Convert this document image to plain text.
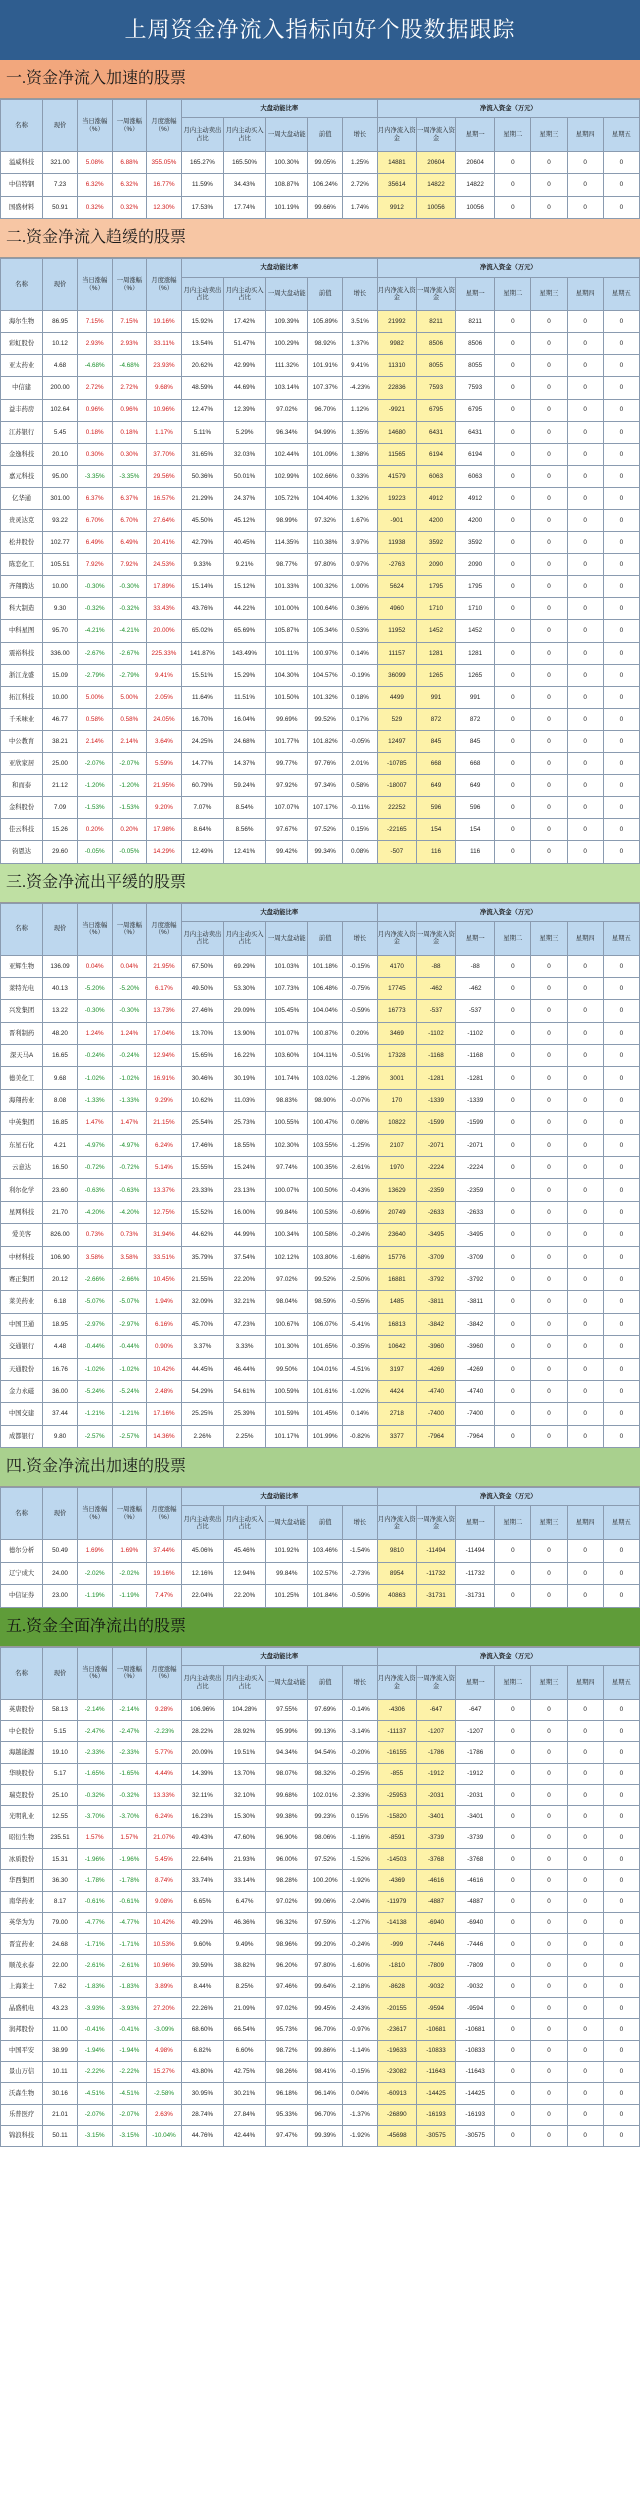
上周资金净流入指标向好个股数据跟踪
一.资金净流入加速的股票
名称	现价	当日涨幅（%）	一周涨幅（%）	月度涨幅（%）	大盘动能比率					净流入资金（万元）						
					月内主动卖出占比	月内主动买入占比	一周大盘动能	前值	增长	月内净流入资金	一周净流入资金	星期一	星期二	星期三	星期四	星期五
溢威科技	321.00	5.08%	6.88%	355.05%	165.27%	165.50%	100.30%	99.05%	1.25%	14881	20604	20604	0	0	0	0
中信特钢	7.23	6.32%	6.32%	16.77%	11.59%	34.43%	108.87%	106.24%	2.72%	35614	14822	14822	0	0	0	0
国盛材料	50.91	0.32%	0.32%	12.30%	17.53%	17.74%	101.19%	99.66%	1.74%	9912	10056	10056	0	0	0	0
二.资金净流入趋缓的股票
名称	现价	当日涨幅（%）	一周涨幅（%）	月度涨幅（%）	大盘动能比率					净流入资金（万元）						
					月内主动卖出占比	月内主动买入占比	一周大盘动能	前值	增长	月内净流入资金	一周净流入资金	星期一	星期二	星期三	星期四	星期五
海尔生物	86.95	7.15%	7.15%	19.16%	15.92%	17.42%	109.39%	105.89%	3.51%	21992	8211	8211	0	0	0	0
彩虹股份	10.12	2.93%	2.93%	33.11%	13.54%	51.47%	100.29%	98.92%	1.37%	9982	8506	8506	0	0	0	0
亚太药业	4.68	-4.68%	-4.68%	23.93%	20.62%	42.99%	111.32%	101.91%	9.41%	11310	8055	8055	0	0	0	0
中信建	200.00	2.72%	2.72%	9.68%	48.59%	44.69%	103.14%	107.37%	-4.23%	22836	7593	7593	0	0	0	0
益丰药房	102.64	0.96%	0.96%	10.96%	12.47%	12.39%	97.02%	96.70%	1.12%	-9921	6795	6795	0	0	0	0
江苏银行	5.45	0.18%	0.18%	1.17%	5.11%	5.29%	96.34%	94.99%	1.35%	14680	6431	6431	0	0	0	0
金逸科技	20.10	0.30%	0.30%	37.70%	31.65%	32.03%	102.44%	101.09%	1.38%	11565	6194	6194	0	0	0	0
嘉元科技	95.00	-3.35%	-3.35%	29.56%	50.36%	50.01%	102.99%	102.66%	0.33%	41579	6063	6063	0	0	0	0
亿华通	301.00	6.37%	6.37%	16.57%	21.29%	24.37%	105.72%	104.40%	1.32%	19223	4912	4912	0	0	0	0
贵灵达克	93.22	6.70%	6.70%	27.64%	45.50%	45.12%	98.99%	97.32%	1.67%	-901	4200	4200	0	0	0	0
松井股份	102.77	6.49%	6.49%	20.41%	42.79%	40.45%	114.35%	110.38%	3.97%	11938	3592	3592	0	0	0	0
陈恋化工	105.51	7.92%	7.92%	24.53%	9.33%	9.21%	98.77%	97.80%	0.97%	-2763	2090	2090	0	0	0	0
齐翔腾达	10.00	-0.30%	-0.30%	17.89%	15.14%	15.12%	101.33%	100.32%	1.00%	5624	1795	1795	0	0	0	0
科大制造	9.30	-0.32%	-0.32%	33.43%	43.76%	44.22%	101.00%	100.64%	0.36%	4960	1710	1710	0	0	0	0
中科星图	95.70	-4.21%	-4.21%	20.00%	65.02%	65.69%	105.87%	105.34%	0.53%	11952	1452	1452	0	0	0	0
震裕科技	336.00	-2.67%	-2.67%	225.33%	141.87%	143.49%	101.11%	100.97%	0.14%	11157	1281	1281	0	0	0	0
浙江龙盛	15.09	-2.79%	-2.79%	9.41%	15.51%	15.29%	104.30%	104.57%	-0.19%	36099	1265	1265	0	0	0	0
拓江科技	10.00	5.00%	5.00%	2.05%	11.64%	11.51%	101.50%	101.32%	0.18%	4499	991	991	0	0	0	0
千禾味业	46.77	0.58%	0.58%	24.05%	16.70%	16.04%	99.69%	99.52%	0.17%	529	872	872	0	0	0	0
中公教育	38.21	2.14%	2.14%	3.64%	24.25%	24.68%	101.77%	101.82%	-0.05%	12497	845	845	0	0	0	0
亚欣家居	25.00	-2.07%	-2.07%	5.59%	14.77%	14.37%	99.77%	97.76%	2.01%	-10785	668	668	0	0	0	0
和而泰	21.12	-1.20%	-1.20%	21.95%	60.79%	59.24%	97.92%	97.34%	0.58%	-18007	649	649	0	0	0	0
金科股份	7.09	-1.53%	-1.53%	9.20%	7.07%	8.54%	107.07%	107.17%	-0.11%	22252	596	596	0	0	0	0
佳云科技	15.26	0.20%	0.20%	17.98%	8.64%	8.56%	97.67%	97.52%	0.15%	-22165	154	154	0	0	0	0
钧恩达	29.60	-0.05%	-0.05%	14.29%	12.49%	12.41%	99.42%	99.34%	0.08%	-507	116	116	0	0	0	0
三.资金净流出平缓的股票
名称	现价	当日涨幅（%）	一周涨幅（%）	月度涨幅（%）	大盘动能比率					净流入资金（万元）						
					月内主动卖出占比	月内主动买入占比	一周大盘动能	前值	增长	月内净流入资金	一周净流入资金	星期一	星期二	星期三	星期四	星期五
亚辉生物	136.09	0.04%	0.04%	21.95%	67.50%	69.29%	101.03%	101.18%	-0.15%	4170	-88	-88	0	0	0	0
莱特光电	40.13	-5.20%	-5.20%	6.17%	49.50%	53.30%	107.73%	106.48%	-0.75%	17745	-462	-462	0	0	0	0
兴发集团	13.22	-0.30%	-0.30%	13.73%	27.46%	29.09%	105.45%	104.04%	-0.59%	16773	-537	-537	0	0	0	0
晋利制药	48.20	1.24%	1.24%	17.04%	13.70%	13.90%	101.07%	100.87%	0.20%	3469	-1102	-1102	0	0	0	0
深天马A	16.65	-0.24%	-0.24%	12.94%	15.65%	16.22%	103.60%	104.11%	-0.51%	17328	-1168	-1168	0	0	0	0
德美化工	9.68	-1.02%	-1.02%	16.91%	30.46%	30.19%	101.74%	103.02%	-1.28%	3001	-1281	-1281	0	0	0	0
海翔药业	8.08	-1.33%	-1.33%	9.29%	10.62%	11.03%	98.83%	98.90%	-0.07%	170	-1339	-1339	0	0	0	0
中英集团	16.85	1.47%	1.47%	21.15%	25.54%	25.73%	100.55%	100.47%	0.08%	10822	-1599	-1599	0	0	0	0
东星石化	4.21	-4.97%	-4.97%	6.24%	17.46%	18.55%	102.30%	103.55%	-1.25%	2107	-2071	-2071	0	0	0	0
云意达	16.50	-0.72%	-0.72%	5.14%	15.55%	15.24%	97.74%	100.35%	-2.61%	1970	-2224	-2224	0	0	0	0
利尔化学	23.60	-0.63%	-0.63%	13.37%	23.33%	23.13%	100.07%	100.50%	-0.43%	13629	-2359	-2359	0	0	0	0
星网科技	21.70	-4.20%	-4.20%	12.75%	15.52%	16.00%	99.84%	100.53%	-0.69%	20749	-2633	-2633	0	0	0	0
爱美客	826.00	0.73%	0.73%	31.94%	44.62%	44.99%	100.34%	100.58%	-0.24%	23640	-3495	-3495	0	0	0	0
中材科技	106.90	3.58%	3.58%	33.51%	35.79%	37.54%	102.12%	103.80%	-1.68%	15776	-3709	-3709	0	0	0	0
赛正集团	20.12	-2.66%	-2.66%	10.45%	21.55%	22.20%	97.02%	99.52%	-2.50%	16881	-3792	-3792	0	0	0	0
莱美药业	6.18	-5.07%	-5.07%	1.94%	32.09%	32.21%	98.04%	98.59%	-0.55%	1485	-3811	-3811	0	0	0	0
中国卫通	18.95	-2.97%	-2.97%	6.16%	45.70%	47.23%	100.67%	106.07%	-5.41%	16813	-3842	-3842	0	0	0	0
交通银行	4.48	-0.44%	-0.44%	0.90%	3.37%	3.33%	101.30%	101.65%	-0.35%	10642	-3960	-3960	0	0	0	0
天通股份	16.76	-1.02%	-1.02%	10.42%	44.45%	46.44%	99.50%	104.01%	-4.51%	3197	-4269	-4269	0	0	0	0
金力永磁	36.00	-5.24%	-5.24%	2.48%	54.29%	54.61%	100.59%	101.61%	-1.02%	4424	-4740	-4740	0	0	0	0
中国交建	37.44	-1.21%	-1.21%	17.16%	25.25%	25.39%	101.59%	101.45%	0.14%	2718	-7400	-7400	0	0	0	0
成都银行	9.80	-2.57%	-2.57%	14.36%	2.26%	2.25%	101.17%	101.99%	-0.82%	3377	-7964	-7964	0	0	0	0
四.资金净流出加速的股票
名称	现价	当日涨幅（%）	一周涨幅（%）	月度涨幅（%）	大盘动能比率					净流入资金（万元）						
					月内主动卖出占比	月内主动买入占比	一周大盘动能	前值	增长	月内净流入资金	一周净流入资金	星期一	星期二	星期三	星期四	星期五
德尔分析	50.49	1.69%	1.69%	37.44%	45.06%	45.46%	101.92%	103.46%	-1.54%	9810	-11494	-11494	0	0	0	0
辽宁成大	24.00	-2.02%	-2.02%	19.16%	12.16%	12.94%	99.84%	102.57%	-2.73%	8954	-11732	-11732	0	0	0	0
中信证券	23.00	-1.19%	-1.19%	7.47%	22.04%	22.20%	101.25%	101.84%	-0.59%	40863	-31731	-31731	0	0	0	0
五.资金全面净流出的股票
名称	现价	当日涨幅（%）	一周涨幅（%）	月度涨幅（%）	大盘动能比率					净流入资金（万元）						
					月内主动卖出占比	月内主动买入占比	一周大盘动能	前值	增长	月内净流入资金	一周净流入资金	星期一	星期二	星期三	星期四	星期五
英唐股份	58.13	-2.14%	-2.14%	9.28%	106.96%	104.28%	97.55%	97.69%	-0.14%	-4306	-647	-647	0	0	0	0
中仑股份	5.15	-2.47%	-2.47%	-2.23%	28.22%	28.92%	95.99%	99.13%	-3.14%	-11137	-1207	-1207	0	0	0	0
海越能源	19.10	-2.33%	-2.33%	5.77%	20.09%	19.51%	94.34%	94.54%	-0.20%	-16155	-1786	-1786	0	0	0	0
华映股份	5.17	-1.65%	-1.65%	4.44%	14.39%	13.70%	98.07%	98.32%	-0.25%	-855	-1912	-1912	0	0	0	0
瑞克股份	25.10	-0.32%	-0.32%	13.33%	32.11%	32.10%	99.68%	102.01%	-2.33%	-25953	-2031	-2031	0	0	0	0
光明乳业	12.55	-3.70%	-3.70%	6.24%	16.23%	15.30%	99.38%	99.23%	0.15%	-15820	-3401	-3401	0	0	0	0
昭衍生物	235.51	1.57%	1.57%	21.07%	49.43%	47.60%	96.90%	98.06%	-1.16%	-8591	-3739	-3739	0	0	0	0
冰质股份	15.31	-1.96%	-1.96%	5.45%	22.64%	21.93%	96.00%	97.52%	-1.52%	-14503	-3768	-3768	0	0	0	0
华西集团	36.30	-1.78%	-1.78%	8.74%	33.74%	33.14%	98.28%	100.20%	-1.92%	-4369	-4616	-4616	0	0	0	0
南华药业	8.17	-0.61%	-0.61%	9.08%	6.65%	6.47%	97.02%	99.06%	-2.04%	-11979	-4887	-4887	0	0	0	0
英华为为	79.00	-4.77%	-4.77%	10.42%	49.29%	46.36%	96.32%	97.59%	-1.27%	-14138	-6940	-6940	0	0	0	0
晋宜药业	24.68	-1.71%	-1.71%	10.53%	9.60%	9.49%	98.96%	99.20%	-0.24%	-999	-7446	-7446	0	0	0	0
顺茂永泰	22.00	-2.61%	-2.61%	10.96%	39.59%	38.82%	96.20%	97.80%	-1.60%	-1810	-7809	-7809	0	0	0	0
上海莱士	7.62	-1.83%	-1.83%	3.89%	8.44%	8.25%	97.46%	99.64%	-2.18%	-8628	-9032	-9032	0	0	0	0
晶盛机电	43.23	-3.93%	-3.93%	27.20%	22.26%	21.09%	97.02%	99.45%	-2.43%	-20155	-9594	-9594	0	0	0	0
润邦股份	11.00	-0.41%	-0.41%	-3.09%	68.60%	66.54%	95.73%	96.70%	-0.97%	-23617	-10681	-10681	0	0	0	0
中国平安	38.99	-1.94%	-1.94%	4.98%	6.82%	6.60%	98.72%	99.86%	-1.14%	-19633	-10833	-10833	0	0	0	0
景山万信	10.11	-2.22%	-2.22%	15.27%	43.80%	42.75%	98.26%	98.41%	-0.15%	-23082	-11643	-11643	0	0	0	0
沃森生物	30.16	-4.51%	-4.51%	-2.58%	30.95%	30.21%	96.18%	96.14%	0.04%	-60913	-14425	-14425	0	0	0	0
乐普医疗	21.01	-2.07%	-2.07%	2.63%	28.74%	27.84%	95.33%	96.70%	-1.37%	-26890	-16193	-16193	0	0	0	0
锦浪科技	50.11	-3.15%	-3.15%	-10.04%	44.76%	42.44%	97.47%	99.39%	-1.92%	-45698	-30575	-30575	0	0	0	0
